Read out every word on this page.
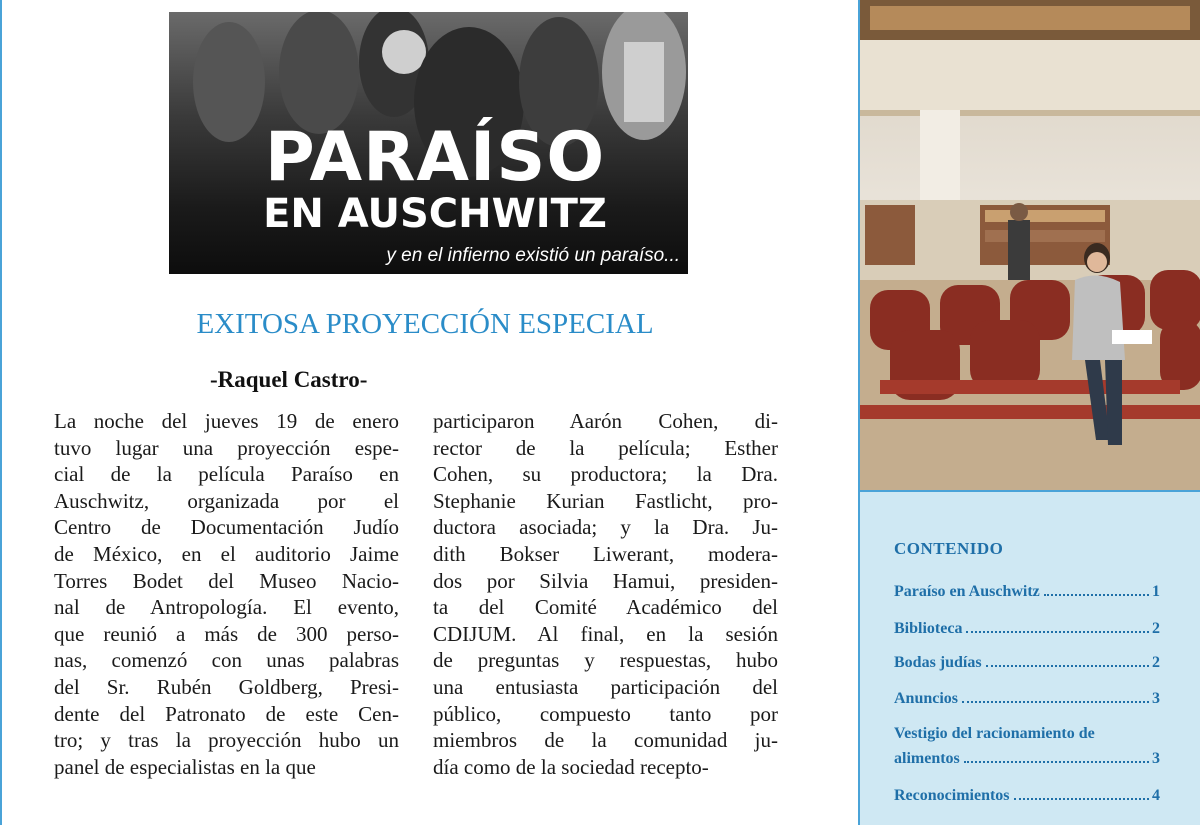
PARAÍSO
EN AUSCHWITZ
y en el infierno existió un paraíso...
EXITOSA PROYECCIÓN ESPECIAL
-Raquel Castro-
La noche del jueves 19 de enero
tuvo lugar una proyección espe-
cial de la película Paraíso en
Auschwitz, organizada por el
Centro de Documentación Judío
de México, en el auditorio Jaime
Torres Bodet del Museo Nacio-
nal de Antropología. El evento,
que reunió a más de 300 perso-
nas, comenzó con unas palabras
del Sr. Rubén Goldberg, Presi-
dente del Patronato de este Cen-
tro; y tras la proyección hubo un
panel de especialistas en la que
participaron Aarón Cohen, di-
rector de la película; Esther
Cohen, su productora; la Dra.
Stephanie Kurian Fastlicht, pro-
ductora asociada; y la Dra. Ju-
dith Bokser Liwerant, modera-
dos por Silvia Hamui, presiden-
ta del Comité Académico del
CDIJUM. Al final, en la sesión
de preguntas y respuestas, hubo
una entusiasta participación del
público, compuesto tanto por
miembros de la comunidad ju-
día como de la sociedad recepto-
CONTENIDO
Paraíso en Auschwitz	1
Biblioteca	2
Bodas judías	2
Anuncios	3
Vestigio del racionamiento de
alimentos	3
Reconocimientos	4
